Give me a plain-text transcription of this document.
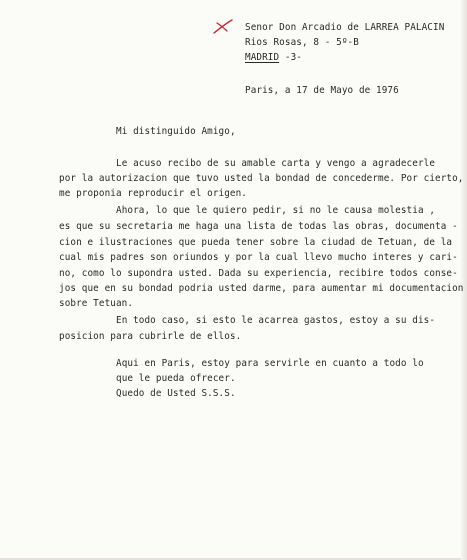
Senor Don Arcadio de LARREA PALACIN
Rios Rosas, 8 - 5º-B
MADRID -3-
Paris, a 17 de Mayo de 1976
Mi distinguido Amigo,
Le acuso recibo de su amable carta y vengo a agradecerle
por la autorizacion que tuvo usted la bondad de concederme. Por cierto,
me proponia reproducir el origen.
Ahora, lo que le quiero pedir, si no le causa molestia ,
es que su secretaria me haga una lista de todas las obras, documenta -
cion e ilustraciones que pueda tener sobre la ciudad de Tetuan, de la
cual mis padres son oriundos y por la cual llevo mucho interes y cari-
no, como lo supondra usted. Dada su experiencia, recibire todos conse-
jos que en su bondad podria usted darme, para aumentar mi documentacion
sobre Tetuan.
En todo caso, si esto le acarrea gastos, estoy a su dis-
posicion para cubrirle de ellos.
Aqui en Paris, estoy para servirle en cuanto a todo lo
que le pueda ofrecer.
Quedo de Usted S.S.S.
